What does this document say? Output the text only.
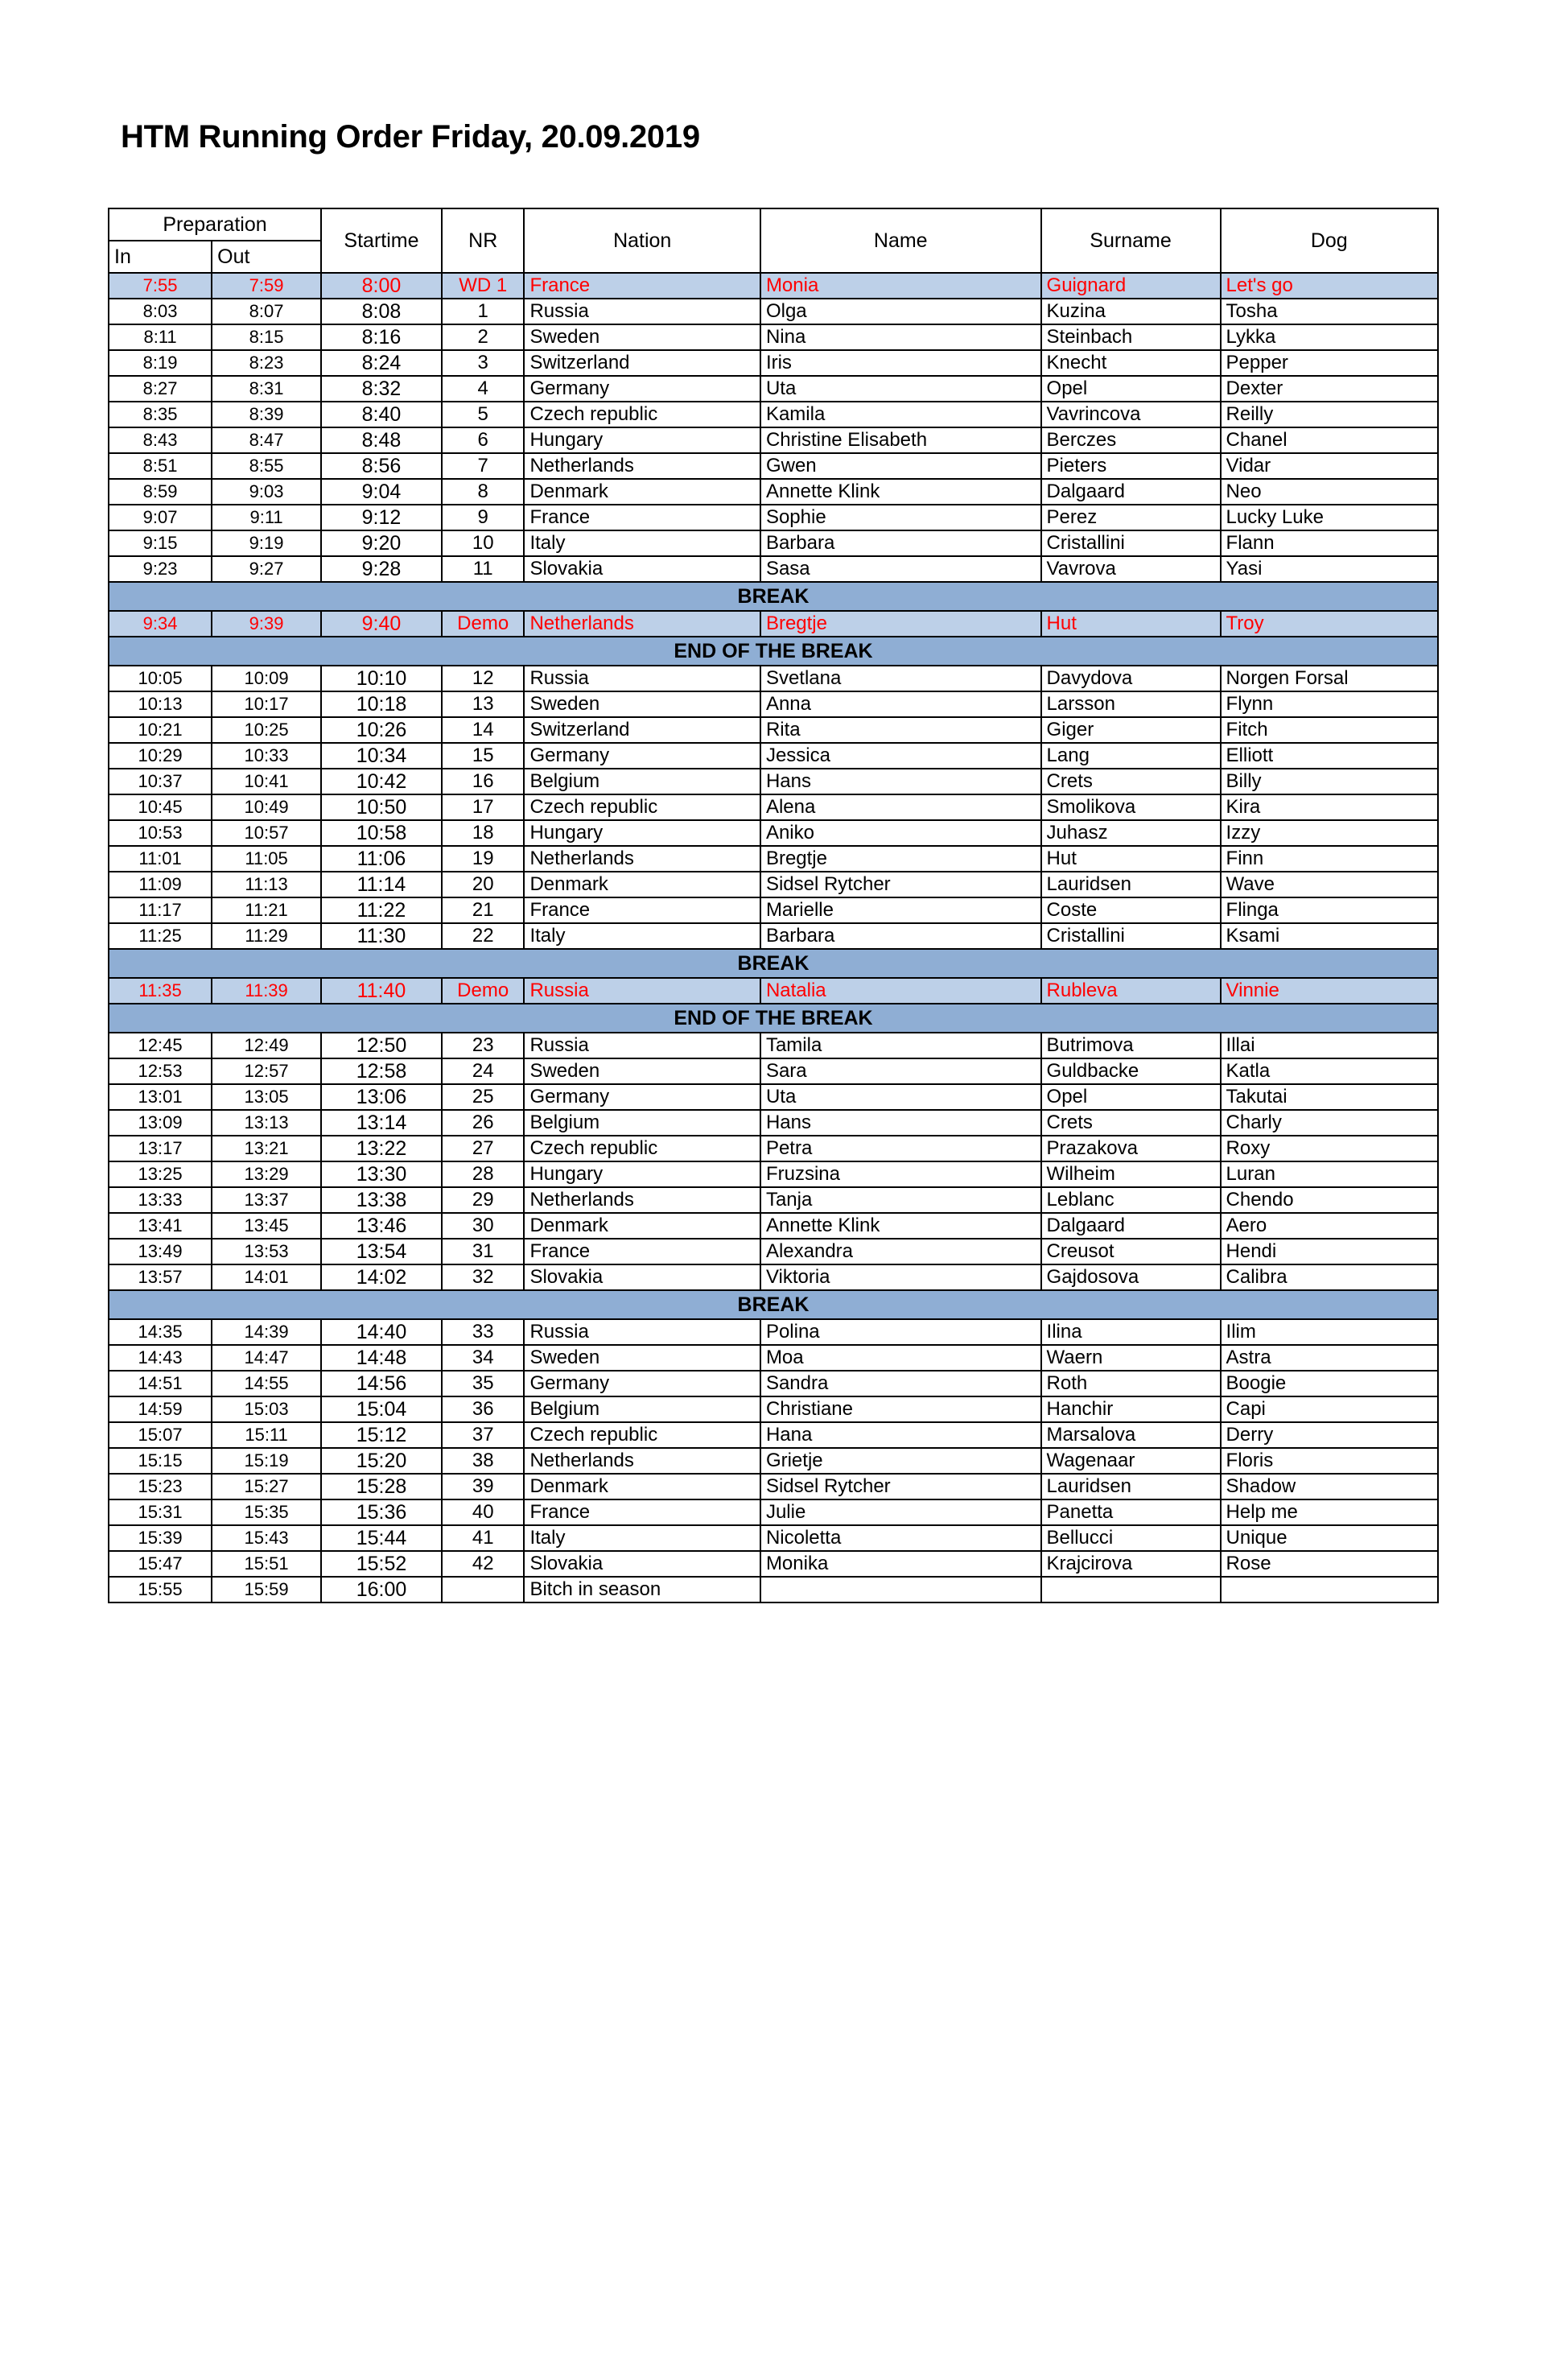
HTM Running Order Friday, 20.09.2019
Preparation		Startime	NR	Nation	Name	Surname	Dog
In	Out						
7:55	7:59	8:00	WD 1	France	Monia	Guignard	Let's go
8:03	8:07	8:08	1	Russia	Olga	Kuzina	Tosha
8:11	8:15	8:16	2	Sweden	Nina	Steinbach	Lykka
8:19	8:23	8:24	3	Switzerland	Iris	Knecht	Pepper
8:27	8:31	8:32	4	Germany	Uta	Opel	Dexter
8:35	8:39	8:40	5	Czech republic	Kamila	Vavrincova	Reilly
8:43	8:47	8:48	6	Hungary	Christine Elisabeth	Berczes	Chanel
8:51	8:55	8:56	7	Netherlands	Gwen	Pieters	Vidar
8:59	9:03	9:04	8	Denmark	Annette Klink	Dalgaard	Neo
9:07	9:11	9:12	9	France	Sophie	Perez	Lucky Luke
9:15	9:19	9:20	10	Italy	Barbara	Cristallini	Flann
9:23	9:27	9:28	11	Slovakia	Sasa	Vavrova	Yasi
BREAK							
9:34	9:39	9:40	Demo	Netherlands	Bregtje	Hut	Troy
END OF THE BREAK							
10:05	10:09	10:10	12	Russia	Svetlana	Davydova	Norgen Forsal
10:13	10:17	10:18	13	Sweden	Anna	Larsson	Flynn
10:21	10:25	10:26	14	Switzerland	Rita	Giger	Fitch
10:29	10:33	10:34	15	Germany	Jessica	Lang	Elliott
10:37	10:41	10:42	16	Belgium	Hans	Crets	Billy
10:45	10:49	10:50	17	Czech republic	Alena	Smolikova	Kira
10:53	10:57	10:58	18	Hungary	Aniko	Juhasz	Izzy
11:01	11:05	11:06	19	Netherlands	Bregtje	Hut	Finn
11:09	11:13	11:14	20	Denmark	Sidsel Rytcher	Lauridsen	Wave
11:17	11:21	11:22	21	France	Marielle	Coste	Flinga
11:25	11:29	11:30	22	Italy	Barbara	Cristallini	Ksami
BREAK							
11:35	11:39	11:40	Demo	Russia	Natalia	Rubleva	Vinnie
END OF THE BREAK							
12:45	12:49	12:50	23	Russia	Tamila	Butrimova	Illai
12:53	12:57	12:58	24	Sweden	Sara	Guldbacke	Katla
13:01	13:05	13:06	25	Germany	Uta	Opel	Takutai
13:09	13:13	13:14	26	Belgium	Hans	Crets	Charly
13:17	13:21	13:22	27	Czech republic	Petra	Prazakova	Roxy
13:25	13:29	13:30	28	Hungary	Fruzsina	Wilheim	Luran
13:33	13:37	13:38	29	Netherlands	Tanja	Leblanc	Chendo
13:41	13:45	13:46	30	Denmark	Annette Klink	Dalgaard	Aero
13:49	13:53	13:54	31	France	Alexandra	Creusot	Hendi
13:57	14:01	14:02	32	Slovakia	Viktoria	Gajdosova	Calibra
BREAK							
14:35	14:39	14:40	33	Russia	Polina	Ilina	Ilim
14:43	14:47	14:48	34	Sweden	Moa	Waern	Astra
14:51	14:55	14:56	35	Germany	Sandra	Roth	Boogie
14:59	15:03	15:04	36	Belgium	Christiane	Hanchir	Capi
15:07	15:11	15:12	37	Czech republic	Hana	Marsalova	Derry
15:15	15:19	15:20	38	Netherlands	Grietje	Wagenaar	Floris
15:23	15:27	15:28	39	Denmark	Sidsel Rytcher	Lauridsen	Shadow
15:31	15:35	15:36	40	France	Julie	Panetta	Help me
15:39	15:43	15:44	41	Italy	Nicoletta	Bellucci	Unique
15:47	15:51	15:52	42	Slovakia	Monika	Krajcirova	Rose
15:55	15:59	16:00		Bitch in season			
